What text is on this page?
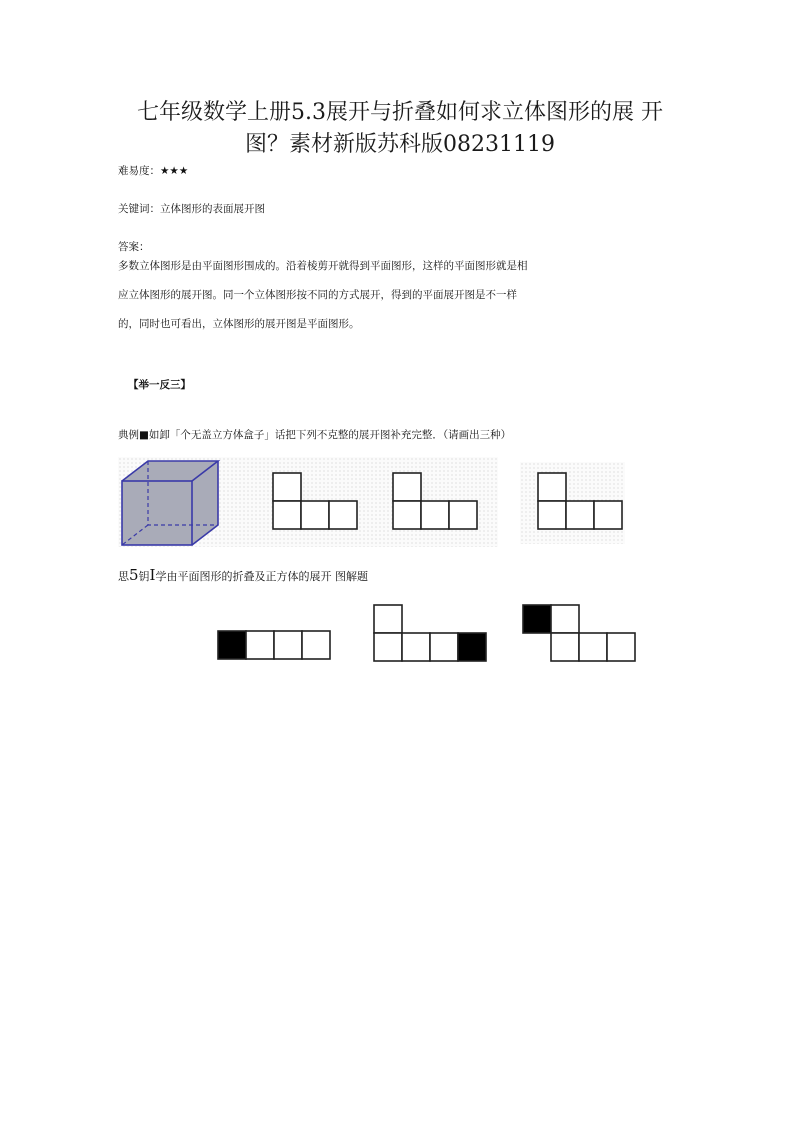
七年级数学上册5.3展开与折叠如何求立体图形的展 开
图？素材新版苏科版08231119
难易度：★★★
关键词：立体图形的表面展开图
答案：
多数立体图形是由平面图形围成的。沿着棱剪开就得到平面图形，这样的平面图形就是相
应立体图形的展开图。同一个立体图形按不同的方式展开，得到的平面展开图是不一样
的，同时也可看出，立体图形的展开图是平面图形。
【举一反三】
典例■如卸「个无盖立方体盒子」话把下列不克整的展开图补充完整．（请画出三种）
思5钥I学由平面图形的折叠及正方体的展开 图解题
